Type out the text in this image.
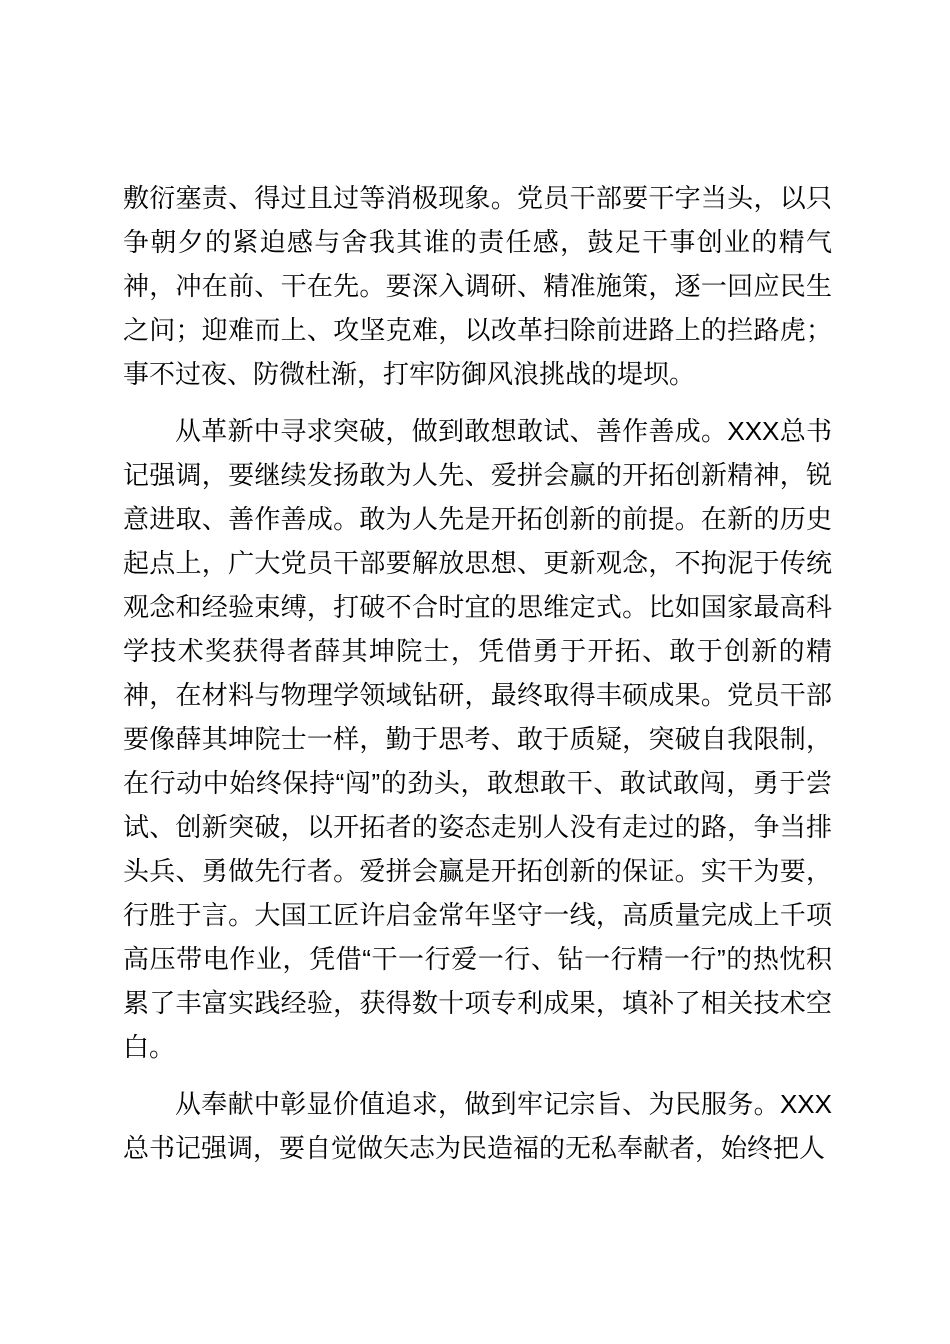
敷衍塞责、得过且过等消极现象。党员干部要干字当头，以只争朝夕的紧迫感与舍我其谁的责任感，鼓足干事创业的精气神，冲在前、干在先。要深入调研、精准施策，逐一回应民生之问；迎难而上、攻坚克难，以改革扫除前进路上的拦路虎；事不过夜、防微杜渐，打牢防御风浪挑战的堤坝。

从革新中寻求突破，做到敢想敢试、善作善成。XXX总书记强调，要继续发扬敢为人先、爱拼会赢的开拓创新精神，锐意进取、善作善成。敢为人先是开拓创新的前提。在新的历史起点上，广大党员干部要解放思想、更新观念，不拘泥于传统观念和经验束缚，打破不合时宜的思维定式。比如国家最高科学技术奖获得者薛其坤院士，凭借勇于开拓、敢于创新的精神，在材料与物理学领域钻研，最终取得丰硕成果。党员干部要像薛其坤院士一样，勤于思考、敢于质疑，突破自我限制，在行动中始终保持“闯”的劲头，敢想敢干、敢试敢闯，勇于尝试、创新突破，以开拓者的姿态走别人没有走过的路，争当排头兵、勇做先行者。爱拼会赢是开拓创新的保证。实干为要，行胜于言。大国工匠许启金常年坚守一线，高质量完成上千项高压带电作业，凭借“干一行爱一行、钻一行精一行”的热忱积累了丰富实践经验，获得数十项专利成果，填补了相关技术空白。

从奉献中彰显价值追求，做到牢记宗旨、为民服务。XXX总书记强调，要自觉做矢志为民造福的无私奉献者，始终把人
